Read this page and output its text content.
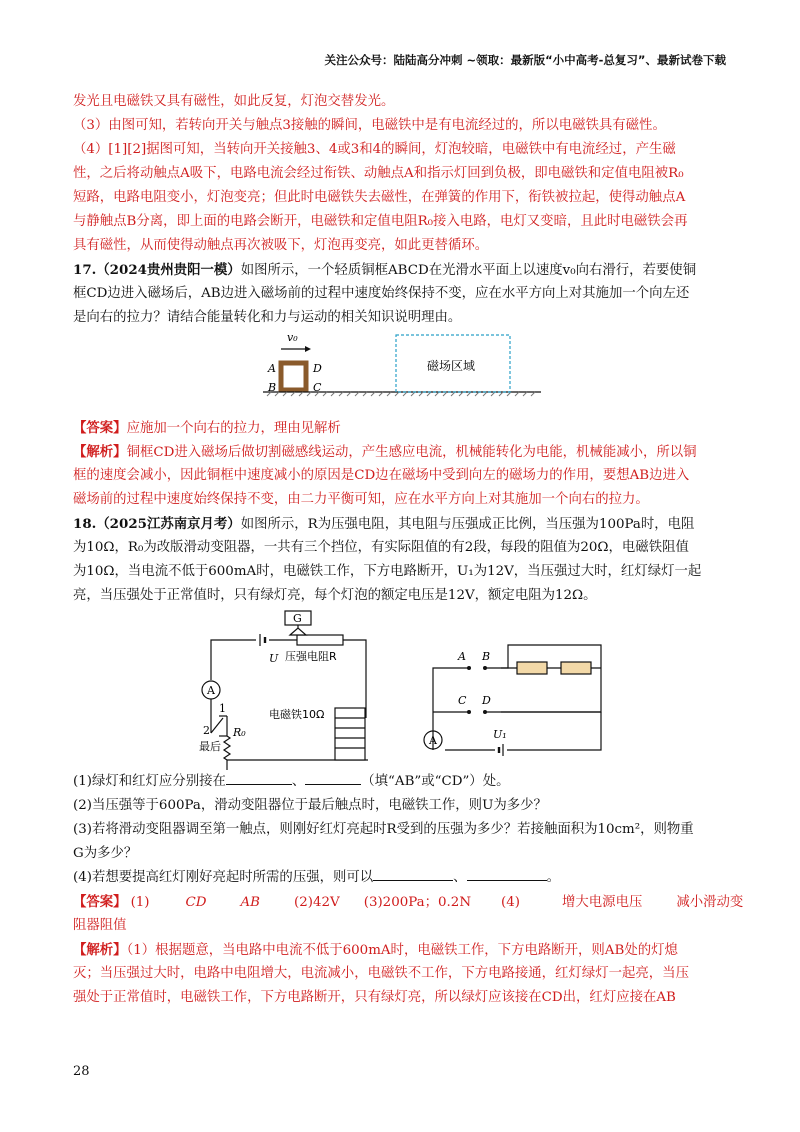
关注公众号：陆陆高分冲刺 ~领取：最新版“小中高考-总复习”、最新试卷下载
发光且电磁铁又具有磁性，如此反复，灯泡交替发光。
（3）由图可知，若转向开关与触点3接触的瞬间，电磁铁中是有电流经过的，所以电磁铁具有磁性。
（4）[1][2]据图可知，当转向开关接触3、4或3和4的瞬间，灯泡较暗，电磁铁中有电流经过，产生磁
性，之后将动触点A吸下，电路电流会经过衔铁、动触点A和指示灯回到负极，即电磁铁和定值电阻被R₀
短路，电路电阻变小，灯泡变亮；但此时电磁铁失去磁性，在弹簧的作用下，衔铁被拉起，使得动触点A
与静触点B分离，即上面的电路会断开，电磁铁和定值电阻R₀接入电路，电灯又变暗，且此时电磁铁会再
具有磁性，从而使得动触点再次被吸下，灯泡再变亮，如此更替循环。
17.（2024贵州贵阳一模）如图所示，一个轻质铜框ABCD在光滑水平面上以速度v₀向右滑行，若要使铜
框CD边进入磁场后，AB边进入磁场前的过程中速度始终保持不变，应在水平方向上对其施加一个向左还
是向右的拉力？请结合能量转化和力与运动的相关知识说明理由。
v₀
A	D
B	C
磁场区域
【答案】应施加一个向右的拉力，理由见解析
【解析】铜框CD进入磁场后做切割磁感线运动，产生感应电流，机械能转化为电能，机械能减小，所以铜
框的速度会减小，因此铜框中速度减小的原因是CD边在磁场中受到向左的磁场力的作用，要想AB边进入
磁场前的过程中速度始终保持不变，由二力平衡可知，应在水平方向上对其施加一个向右的拉力。
18.（2025江苏南京月考）如图所示，R为压强电阻，其电阻与压强成正比例，当压强为100Pa时，电阻
为10Ω，R₀为改版滑动变阻器，一共有三个挡位，有实际阻值的有2段，每段的阻值为20Ω，电磁铁阻值
为10Ω，当电流不低于600mA时，电磁铁工作，下方电路断开，U₁为12V，当压强过大时，红灯绿灯一起
亮，当压强处于正常值时，只有绿灯亮，每个灯泡的额定电压是12V，额定电阻为12Ω。
G
U 压强电阻R
A
R₀
1
2
最后
电磁铁10Ω
A B
C D
A	U₁
(1)绿灯和红灯应分别接在	、	（填“AB”或“CD”）处。
(2)当压强等于600Pa，滑动变阻器位于最后触点时，电磁铁工作，则U为多少？
(3)若将滑动变阻器调至第一触点，则刚好红灯亮起时R受到的压强为多少？若接触面积为10cm²，则物重
G为多少？
(4)若想要提高红灯刚好亮起时所需的压强，则可以	、	。
【答案】 (1)	CD	AB	(2)42V (3)200Pa；0.2N (4)	增大电源电压	减小滑动变
阻器阻值
【解析】（1）根据题意，当电路中电流不低于600mA时，电磁铁工作，下方电路断开，则AB处的灯熄
灭；当压强过大时，电路中电阻增大，电流减小，电磁铁不工作，下方电路接通，红灯绿灯一起亮，当压
强处于正常值时，电磁铁工作，下方电路断开，只有绿灯亮，所以绿灯应该接在CD出，红灯应接在AB
28
